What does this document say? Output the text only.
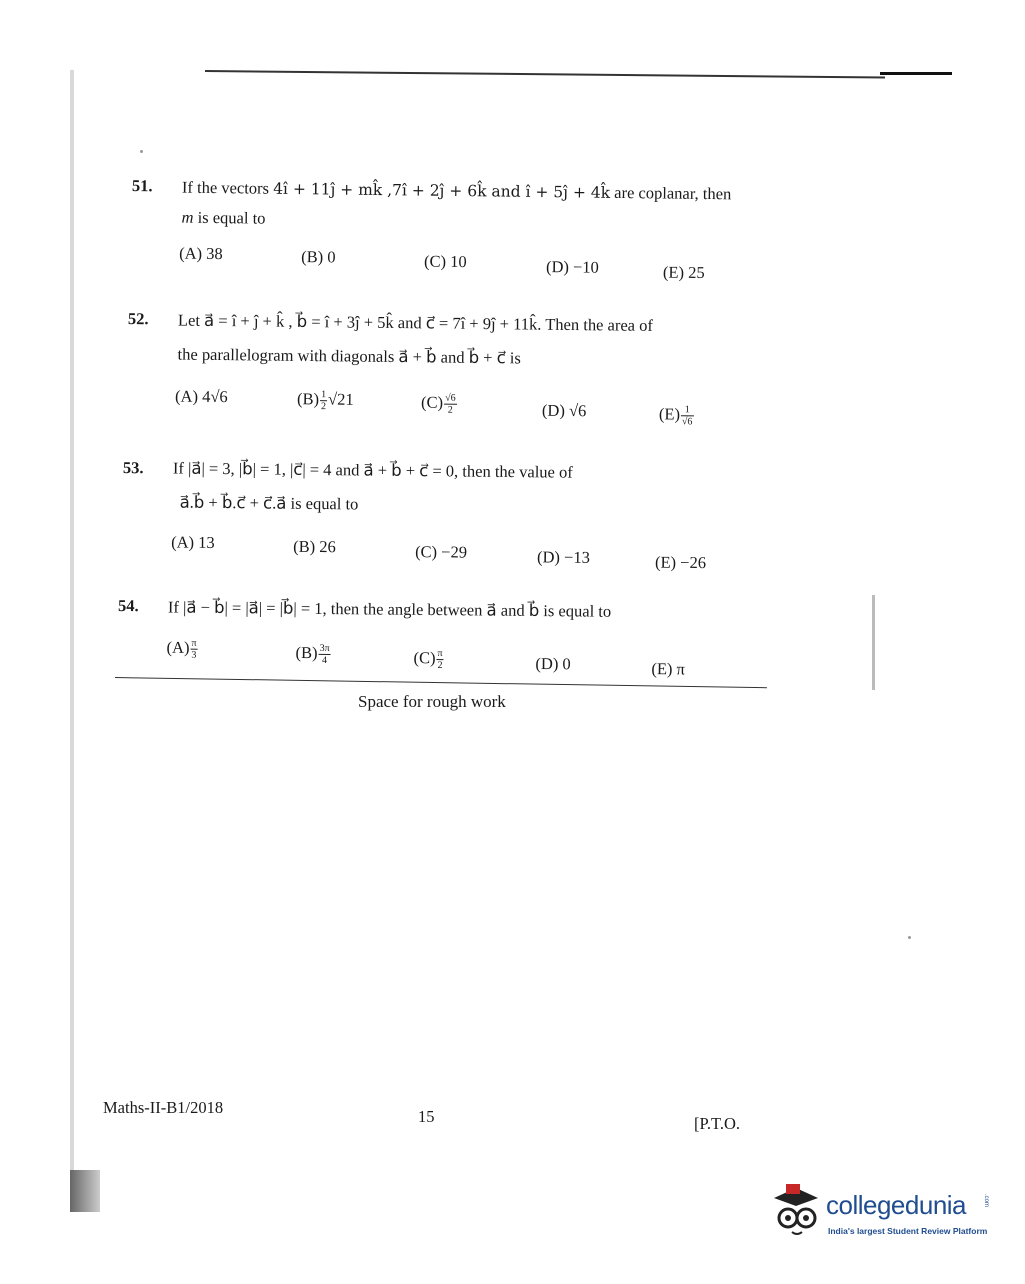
51. If the vectors 4î + 11ĵ + mk̂ ,7î + 2ĵ + 6k̂ and î + 5ĵ + 4k̂ are coplanar, then
m is equal to
(A) 38	(B) 0	(C) 10	(D) −10	(E) 25
52. Let a⃗ = î + ĵ + k̂ , b⃗ = î + 3ĵ + 5k̂ and c⃗ = 7î + 9ĵ + 11k̂. Then the area of
the parallelogram with diagonals a⃗ + b⃗ and b⃗ + c⃗ is
(A) 4√6	$(B) \frac{1}{2} √21$	$(C) \frac{√6}{2}$	(D) √6	$(E) \frac{1}{√6}$
53. If |a⃗| = 3, |b⃗| = 1, |c⃗| = 4 and a⃗ + b⃗ + c⃗ = 0, then the value of
a⃗.b⃗ + b⃗.c⃗ + c⃗.a⃗ is equal to
(A) 13	(B) 26	(C) −29	(D) −13	(E) −26
54. If |a⃗ − b⃗| = |a⃗| = |b⃗| = 1, then the angle between a⃗ and b⃗ is equal to
$(A) \frac{\pi}{3}$	$(B) \frac{3\pi}{4}$	$(C) \frac{\pi}{2}$	(D) 0	(E) π
Space for rough work
Maths-II-B1/2018	15	[P.T.O.
collegedunia	.com
India's largest Student Review Platform
